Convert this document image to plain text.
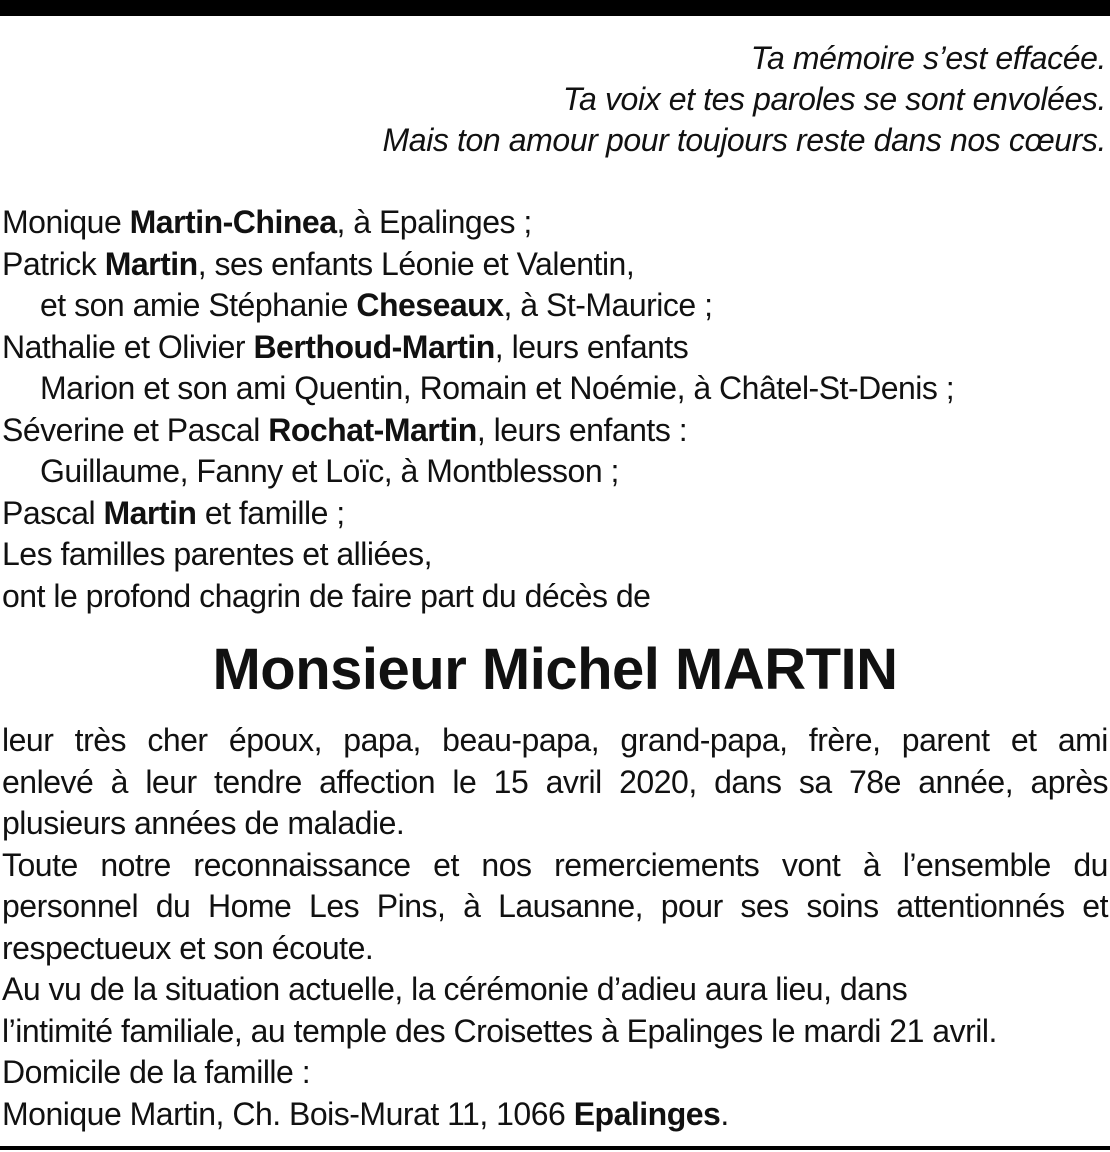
Ta mémoire s’est effacée.
Ta voix et tes paroles se sont envolées.
Mais ton amour pour toujours reste dans nos cœurs.
Monique Martin-Chinea, à Epalinges ;
Patrick Martin, ses enfants Léonie et Valentin,
et son amie Stéphanie Cheseaux, à St-Maurice ;
Nathalie et Olivier Berthoud-Martin, leurs enfants
Marion et son ami Quentin, Romain et Noémie, à Châtel-St-Denis ;
Séverine et Pascal Rochat-Martin, leurs enfants :
Guillaume, Fanny et Loïc, à Montblesson ;
Pascal Martin et famille ;
Les familles parentes et alliées,
ont le profond chagrin de faire part du décès de
Monsieur Michel MARTIN
leur très cher époux, papa, beau-papa, grand-papa, frère, parent et ami
enlevé à leur tendre affection le 15 avril 2020, dans sa 78e année, après
plusieurs années de maladie.
Toute notre reconnaissance et nos remerciements vont à l’ensemble du
personnel du Home Les Pins, à Lausanne, pour ses soins attentionnés et
respectueux et son écoute.
Au vu de la situation actuelle, la cérémonie d’adieu aura lieu, dans
l’intimité familiale, au temple des Croisettes à Epalinges le mardi 21 avril.
Domicile de la famille :
Monique Martin, Ch. Bois-Murat 11, 1066 Epalinges.
